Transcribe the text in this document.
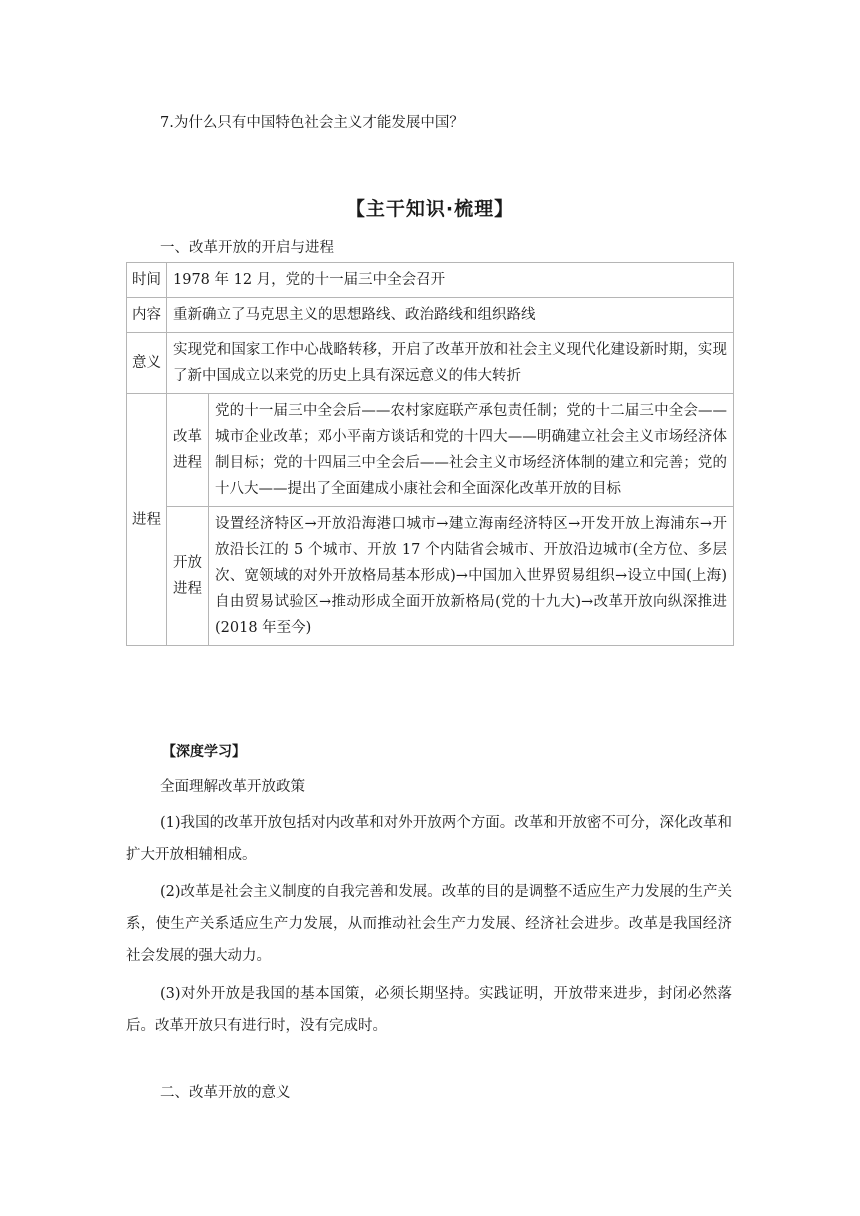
7.为什么只有中国特色社会主义才能发展中国？
【主干知识·梳理】
一、改革开放的开启与进程
时间	1978 年 12 月，党的十一届三中全会召开	
内容	重新确立了马克思主义的思想路线、政治路线和组织路线	
意义	实现党和国家工作中心战略转移，开启了改革开放和社会主义现代化建设新时期，实现了新中国成立以来党的历史上具有深远意义的伟大转折	
进程	改革进程	党的十一届三中全会后——农村家庭联产承包责任制；党的十二届三中全会——城市企业改革；邓小平南方谈话和党的十四大——明确建立社会主义市场经济体制目标；党的十四届三中全会后——社会主义市场经济体制的建立和完善；党的十八大——提出了全面建成小康社会和全面深化改革开放的目标
	开放进程	设置经济特区→开放沿海港口城市→建立海南经济特区→开发开放上海浦东→开放沿长江的 5 个城市、开放 17 个内陆省会城市、开放沿边城市(全方位、多层次、宽领域的对外开放格局基本形成)→中国加入世界贸易组织→设立中国(上海)自由贸易试验区→推动形成全面开放新格局(党的十九大)→改革开放向纵深推进(2018 年至今)
【深度学习】
全面理解改革开放政策
(1)我国的改革开放包括对内改革和对外开放两个方面。改革和开放密不可分，深化改革和扩大开放相辅相成。
(2)改革是社会主义制度的自我完善和发展。改革的目的是调整不适应生产力发展的生产关系，使生产关系适应生产力发展，从而推动社会生产力发展、经济社会进步。改革是我国经济社会发展的强大动力。
(3)对外开放是我国的基本国策，必须长期坚持。实践证明，开放带来进步，封闭必然落后。改革开放只有进行时，没有完成时。
二、改革开放的意义
